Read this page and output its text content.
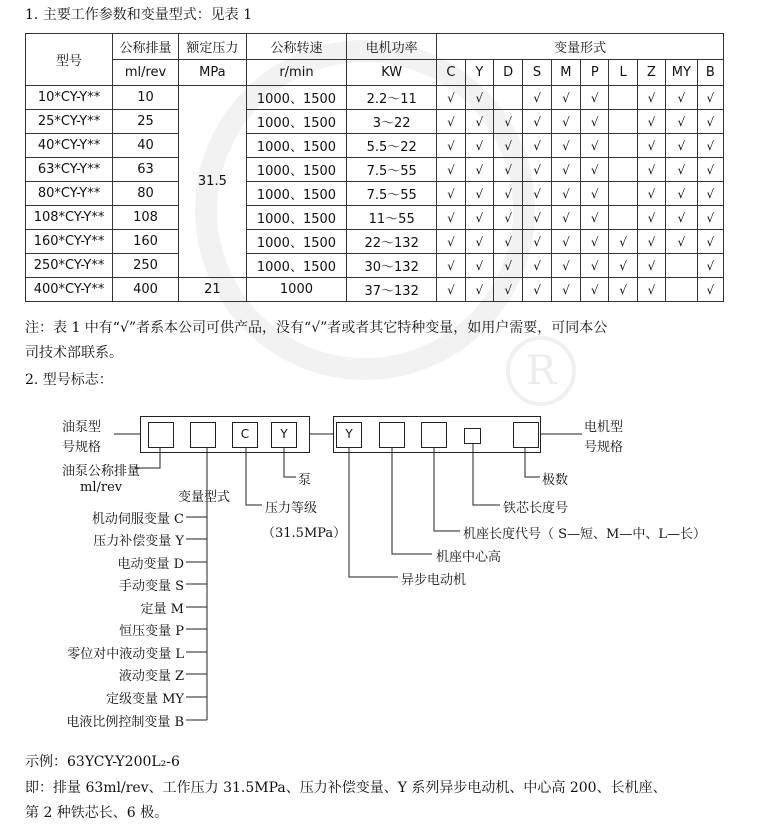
R
1. 主要工作参数和变量型式：见表 1
型号	公称排量	额定压力	公称转速	电机功率	变量形式									
	ml/rev	MPa	r/min	KW	C	Y	D	S	M	P	L	Z	MY	B
10*CY-Y**	10	31.5	1000、1500	2.2～11	√	√		√	√	√		√	√	√
25*CY-Y**	25		1000、1500	3～22	√	√	√	√	√	√		√	√	√
40*CY-Y**	40		1000、1500	5.5～22	√	√	√	√	√	√		√	√	√
63*CY-Y**	63		1000、1500	7.5～55	√	√	√	√	√	√		√	√	√
80*CY-Y**	80		1000、1500	7.5～55	√	√	√	√	√	√		√	√	√
108*CY-Y**	108		1000、1500	11～55	√	√	√	√	√	√		√	√	√
160*CY-Y**	160		1000、1500	22～132	√	√	√	√	√	√	√	√	√	√
250*CY-Y**	250		1000、1500	30～132	√	√	√	√	√	√	√	√		√
400*CY-Y**	400	21	1000	37～132	√	√	√	√	√	√	√	√		√
注：表 1 中有“√”者系本公司可供产品，没有“√”者或者其它特种变量，如用户需要，可同本公
司技术部联系。
2. 型号标志：
C	Y	Y
油泵型
号规格
油泵公称排量
ml/rev
变量型式
压力等级
（31.5MPa）
泵
电机型
号规格
极数
铁芯长度号
机座长度代号（ S—短、M—中、L—长）
机座中心高
异步电动机
机动伺服变量 C
压力补偿变量 Y
电动变量 D
手动变量 S
定量 M
恒压变量 P
零位对中液动变量 L
液动变量 Z
定级变量 MY
电液比例控制变量 B
示例：63YCY-Y200L₂-6
即：排量 63ml/rev、工作压力 31.5MPa、压力补偿变量、Y 系列异步电动机、中心高 200、长机座、
第 2 种铁芯长、6 极。
